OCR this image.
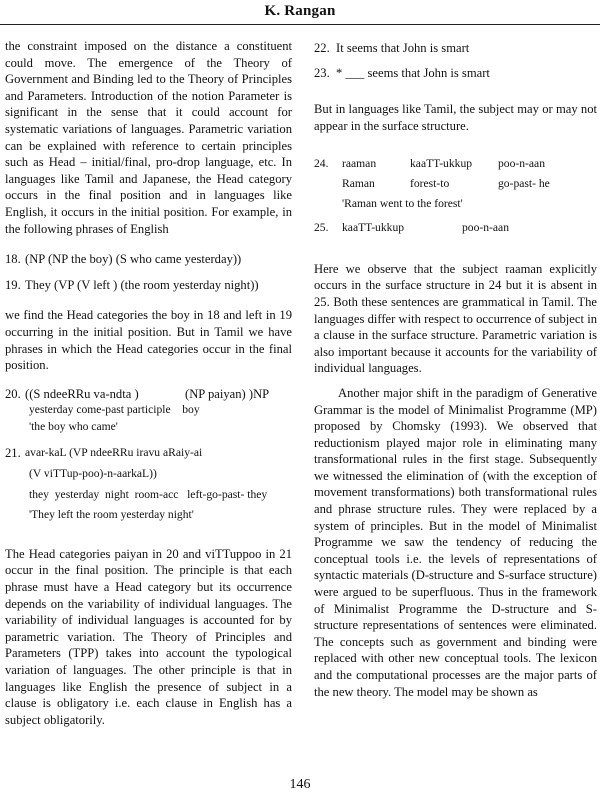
K. Rangan

the constraint imposed on the distance a constituent could move. The emergence of the Theory of Government and Binding led to the Theory of Principles and Parameters. Introduction of the notion Parameter is significant in the sense that it could account for systematic variations of languages. Parametric variation can be explained with reference to certain principles such as Head – initial/final, pro-drop language, etc. In languages like Tamil and Japanese, the Head category occurs in the final position and in languages like English, it occurs in the initial position. For example, in the following phrases of English

18. (NP (NP the boy) (S who came yesterday))
19. They (VP (V left ) (the room yesterday night))

we find the Head categories the boy in 18 and left in 19 occurring in the initial position. But in Tamil we have phrases in which the Head categories occur in the final position.

20. ((S ndeeRRu va-ndta )	(NP paiyan) )NP
yesterday come-past participle    boy
'the boy who came'
21. avar-kaL (VP ndeeRRu iravu aRaiy-ai
(V viTTup-poo)-n-aarkaL))
they  yesterday  night  room-acc   left-go-past- they
'They left the room yesterday night'

The Head categories paiyan in 20 and viTTuppoo in 21 occur in the final position. The principle is that each phrase must have a Head category but its occurrence depends on the variability of individual languages. The variability of individual languages is accounted for by parametric variation. The Theory of Principles and Parameters (TPP) takes into account the typological variation of languages. The other principle is that in languages like English the presence of subject in a clause is obligatory i.e. each clause in English has a subject obligatorily.

22. It seems that John is smart
23. * ___ seems that John is smart

But in languages like Tamil, the subject may or may not appear in the surface structure.

24.	raaman	kaaTT-ukkup	poo-n-aan
Raman	forest-to	go-past- he
'Raman went to the forest'
25.	kaaTT-ukkup	poo-n-aan

Here we observe that the subject raaman explicitly occurs in the surface structure in 24 but it is absent in 25. Both these sentences are grammatical in Tamil. The languages differ with respect to occurrence of subject in a clause in the surface structure. Parametric variation is also important because it accounts for the variability of individual languages.

Another major shift in the paradigm of Generative Grammar is the model of Minimalist Programme (MP) proposed by Chomsky (1993). We observed that reductionism played major role in eliminating many transformational rules in the first stage. Subsequently we witnessed the elimination of (with the exception of movement transformations) both transformational rules and phrase structure rules. They were replaced by a system of principles. But in the model of Minimalist Programme we saw the tendency of reducing the conceptual tools i.e. the levels of representations of syntactic materials (D-structure and S-surface structure) were argued to be superfluous. Thus in the framework of Minimalist Programme the D-structure and S-structure representations of sentences were eliminated. The concepts such as government and binding were replaced with other new conceptual tools. The lexicon and the computational processes are the major parts of the new theory. The model may be shown as

146
